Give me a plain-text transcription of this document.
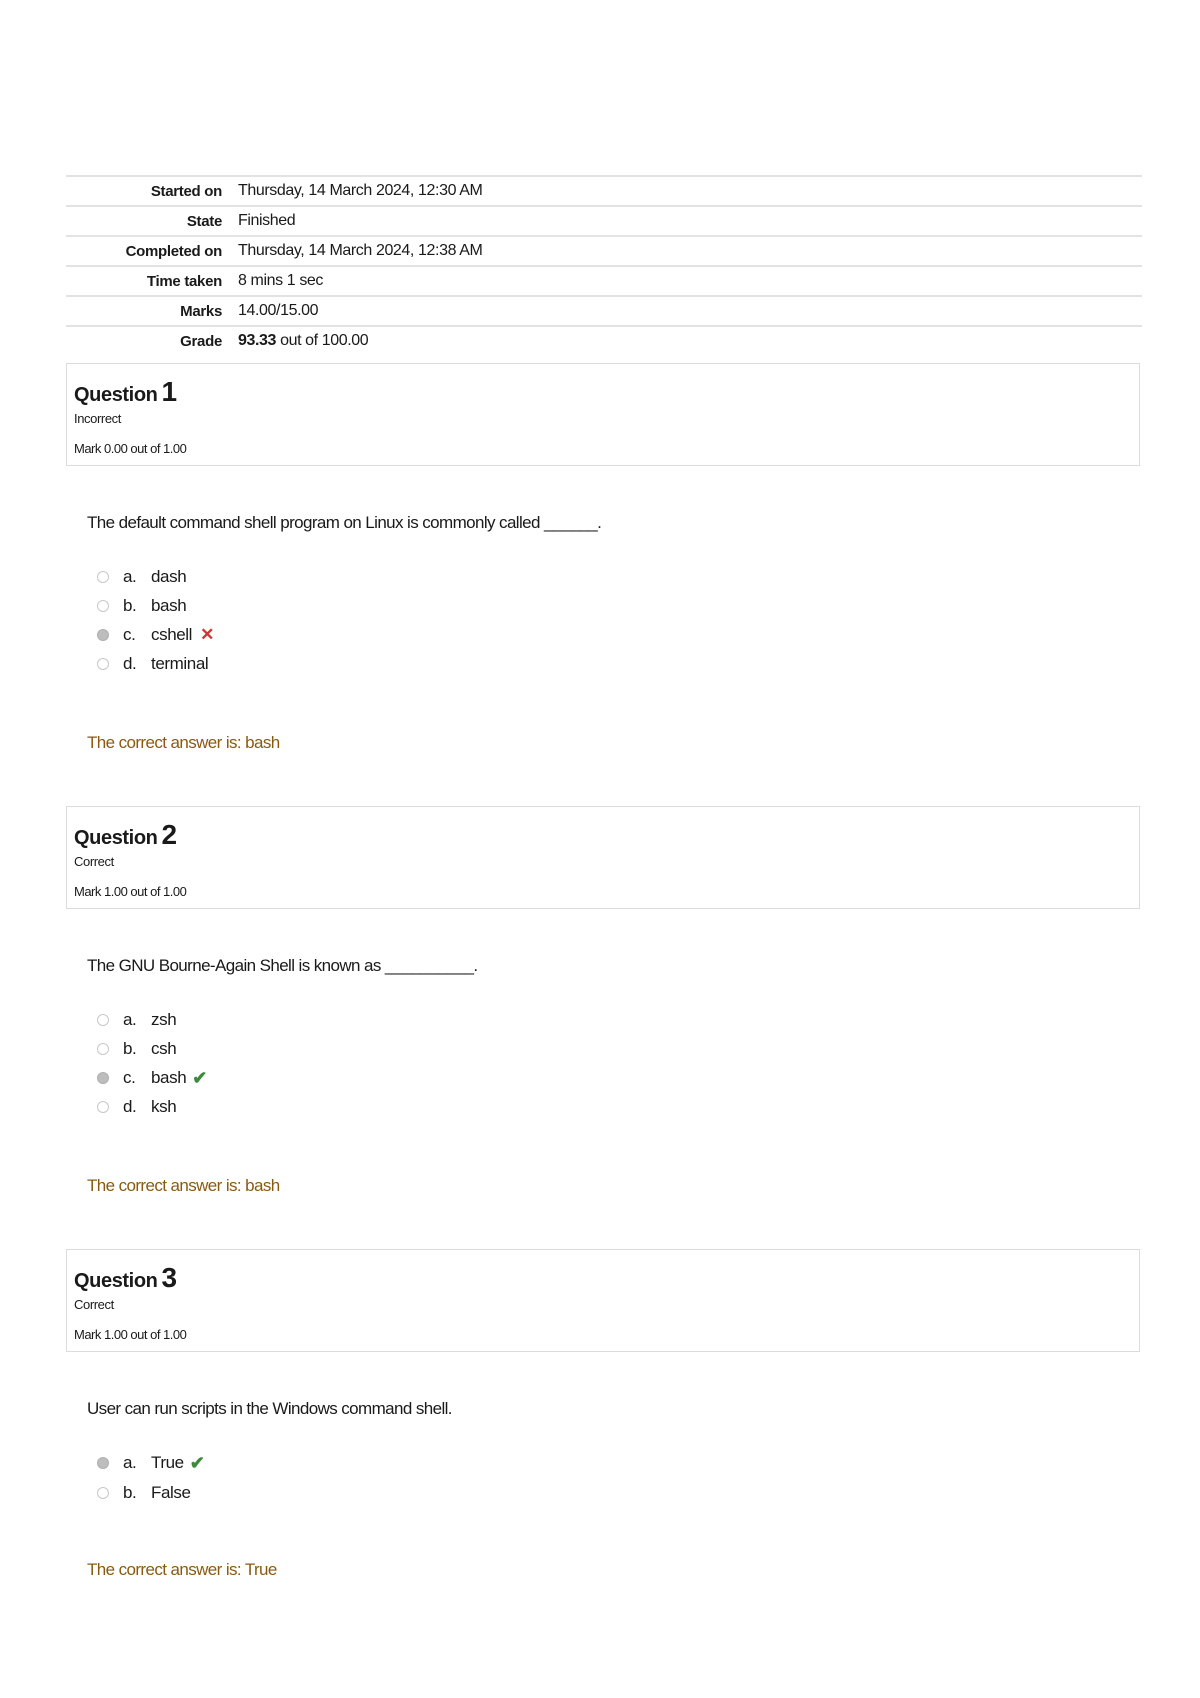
Started on Thursday, 14 March 2024, 12:30 AM
State Finished
Completed on Thursday, 14 March 2024, 12:38 AM
Time taken 8 mins 1 sec
Marks 14.00/15.00
Grade 93.33 out of 100.00
Question 1
Incorrect
Mark 0.00 out of 1.00
The default command shell program on Linux is commonly called ______.
a. dash
b. bash
c. cshell ✕
d. terminal
The correct answer is: bash
Question 2
Correct
Mark 1.00 out of 1.00
The GNU Bourne-Again Shell is known as __________.
a. zsh
b. csh
c. bash ✔
d. ksh
The correct answer is: bash
Question 3
Correct
Mark 1.00 out of 1.00
User can run scripts in the Windows command shell.
a. True ✔
b. False
The correct answer is: True
